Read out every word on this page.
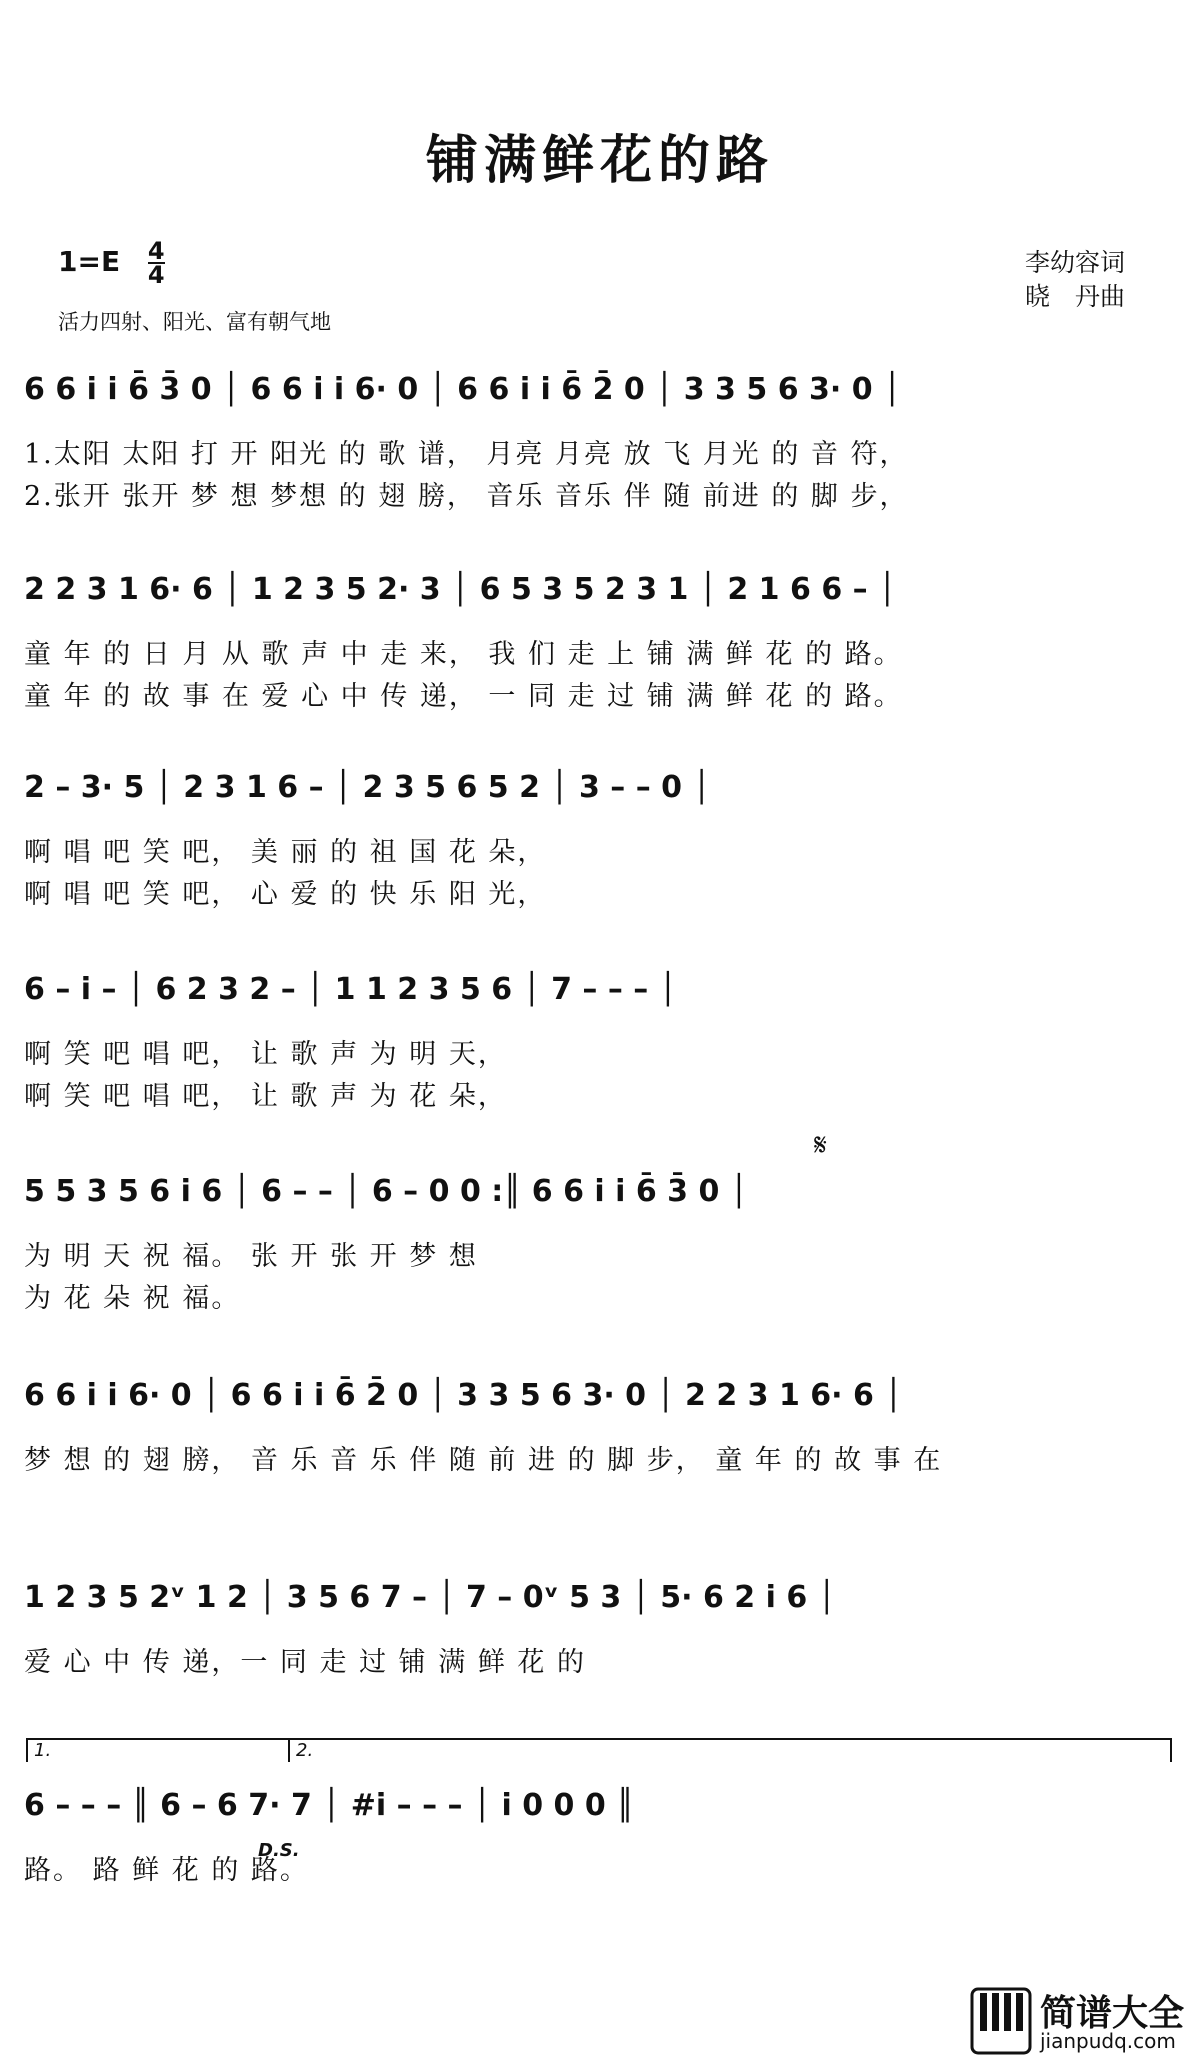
铺满鲜花的路
$1=E \frac{4}{4}$
活力四射、阳光、富有朝气地
李幼容词
晓　丹曲
6 6 i i 6̄ 3̄ 0 │ 6 6 i i 6· 0 │ 6 6 i i 6̄ 2̄ 0 │ 3 3 5 6 3· 0 │
1.太阳 太阳 打 开 阳光 的 歌 谱， 月亮 月亮 放 飞 月光 的 音 符，
2.张开 张开 梦 想 梦想 的 翅 膀， 音乐 音乐 伴 随 前进 的 脚 步，
2 2 3 1 6· 6 │ 1 2 3 5 2· 3 │ 6 5 3 5 2 3 1 │ 2 1 6 6 – │
童 年 的 日 月 从 歌 声 中 走 来， 我 们 走 上 铺 满 鲜 花 的 路。
童 年 的 故 事 在 爱 心 中 传 递， 一 同 走 过 铺 满 鲜 花 的 路。
2 – 3· 5 │ 2 3 1 6 – │ 2 3 5 6 5 2 │ 3 – – 0 │
啊 唱 吧 笑 吧， 美 丽 的 祖 国 花 朵，
啊 唱 吧 笑 吧， 心 爱 的 快 乐 阳 光，
6 – i – │ 6 2 3 2 – │ 1 1 2 3 5 6 │ 7 – – – │
啊 笑 吧 唱 吧， 让 歌 声 为 明 天，
啊 笑 吧 唱 吧， 让 歌 声 为 花 朵，
5 5 3 5 6 i 6 │ 6 – – │ 6 – 0 0 :║ 6 6 i i 6̄ 3̄ 0 │
为 明 天 祝 福。 张 开 张 开 梦 想
为 花 朵 祝 福。
6 6 i i 6· 0 │ 6 6 i i 6̄ 2̄ 0 │ 3 3 5 6 3· 0 │ 2 2 3 1 6· 6 │
梦 想 的 翅 膀， 音 乐 音 乐 伴 随 前 进 的 脚 步， 童 年 的 故 事 在
1 2 3 5 2ᵛ 1 2 │ 3 5 6 7 – │ 7 – 0ᵛ 5 3 │ 5· 6 2 i 6 │
爱 心 中 传 递，一 同 走 过 铺 满 鲜 花 的
6 – – – ║ 6 – 6 7· 7 │ #i – – – │ i 0 0 0 ║
路。 路 鲜 花 的 路。
1.	2.
𝄋
D.S.
简谱大全
jianpudq.com
